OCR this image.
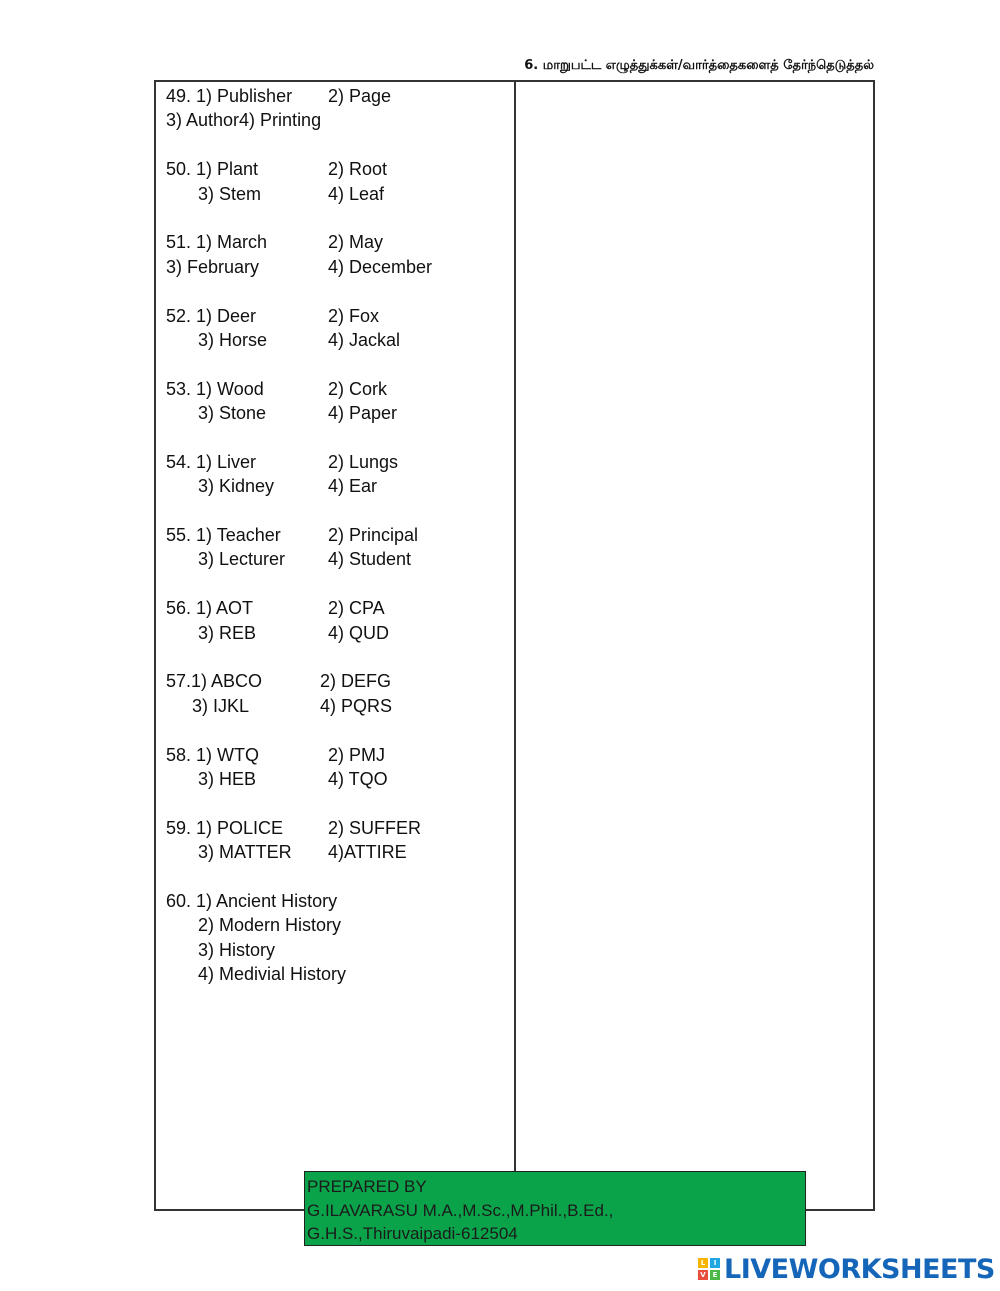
6. மாறுபட்ட எழுத்துக்கள்/வார்த்தைகளைத் தேர்ந்தெடுத்தல்
49. 1) Publisher 2) Page
3) Author4) Printing
50. 1) Plant	2) Root
3) Stem	4) Leaf
51. 1) March	2) May
3) February	4) December
52. 1) Deer	2) Fox
3) Horse	4) Jackal
53. 1) Wood	2) Cork
3) Stone	4) Paper
54. 1) Liver	2) Lungs
3) Kidney	4) Ear
55. 1) Teacher	2) Principal
3) Lecturer 4) Student
56. 1) AOT	2) CPA
3) REB	4) QUD
57.1) ABCO	2) DEFG
3) IJKL	4) PQRS
58. 1) WTQ	2) PMJ
3) HEB	4) TQO
59. 1) POLICE 2) SUFFER
3) MATTER 4)ATTIRE
60. 1) Ancient History
2) Modern History
3) History
4) Medivial History
PREPARED BY
G.ILAVARASU M.A.,M.Sc.,M.Phil.,B.Ed.,
G.H.S.,Thiruvaipadi-612504
L	I
V E LIVEWORKSHEETS
